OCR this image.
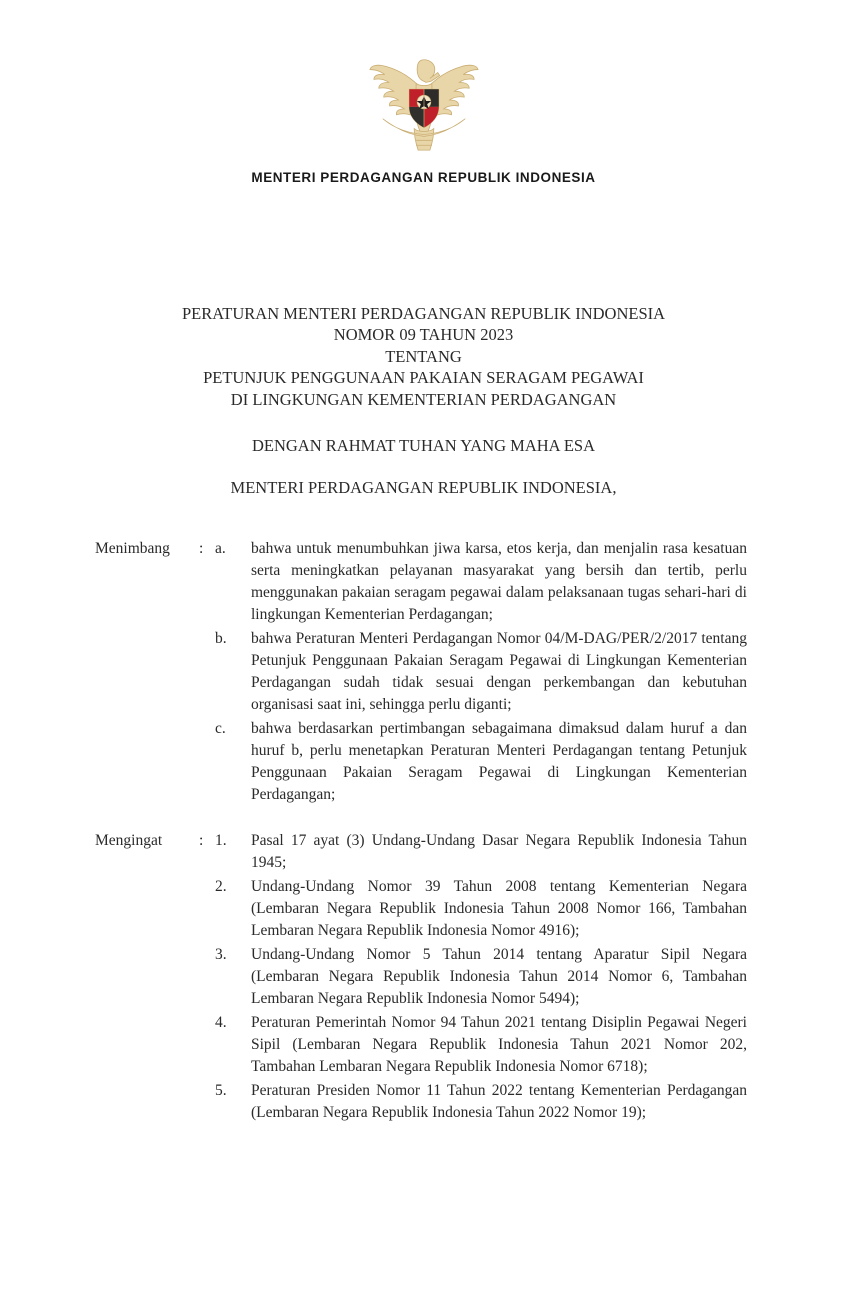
MENTERI PERDAGANGAN REPUBLIK INDONESIA
PERATURAN MENTERI PERDAGANGAN REPUBLIK INDONESIA
NOMOR 09 TAHUN 2023
TENTANG
PETUNJUK PENGGUNAAN PAKAIAN SERAGAM PEGAWAI
DI LINGKUNGAN KEMENTERIAN PERDAGANGAN
DENGAN RAHMAT TUHAN YANG MAHA ESA
MENTERI PERDAGANGAN REPUBLIK INDONESIA,
Menimbang	: a.	bahwa untuk menumbuhkan jiwa karsa, etos kerja, dan menjalin rasa kesatuan serta meningkatkan pelayanan masyarakat yang bersih dan tertib, perlu menggunakan pakaian seragam pegawai dalam pelaksanaan tugas sehari-hari di lingkungan Kementerian Perdagangan;
b.	bahwa Peraturan Menteri Perdagangan Nomor 04/M-DAG/PER/2/2017 tentang Petunjuk Penggunaan Pakaian Seragam Pegawai di Lingkungan Kementerian Perdagangan sudah tidak sesuai dengan perkembangan dan kebutuhan organisasi saat ini, sehingga perlu diganti;
c.	bahwa berdasarkan pertimbangan sebagaimana dimaksud dalam huruf a dan huruf b, perlu menetapkan Peraturan Menteri Perdagangan tentang Petunjuk Penggunaan Pakaian Seragam Pegawai di Lingkungan Kementerian Perdagangan;
Mengingat	: 1.	Pasal 17 ayat (3) Undang-Undang Dasar Negara Republik Indonesia Tahun 1945;
2.	Undang-Undang Nomor 39 Tahun 2008 tentang Kementerian Negara (Lembaran Negara Republik Indonesia Tahun 2008 Nomor 166, Tambahan Lembaran Negara Republik Indonesia Nomor 4916);
3.	Undang-Undang Nomor 5 Tahun 2014 tentang Aparatur Sipil Negara (Lembaran Negara Republik Indonesia Tahun 2014 Nomor 6, Tambahan Lembaran Negara Republik Indonesia Nomor 5494);
4.	Peraturan Pemerintah Nomor 94 Tahun 2021 tentang Disiplin Pegawai Negeri Sipil (Lembaran Negara Republik Indonesia Tahun 2021 Nomor 202, Tambahan Lembaran Negara Republik Indonesia Nomor 6718);
5.	Peraturan Presiden Nomor 11 Tahun 2022 tentang Kementerian Perdagangan (Lembaran Negara Republik Indonesia Tahun 2022 Nomor 19);
